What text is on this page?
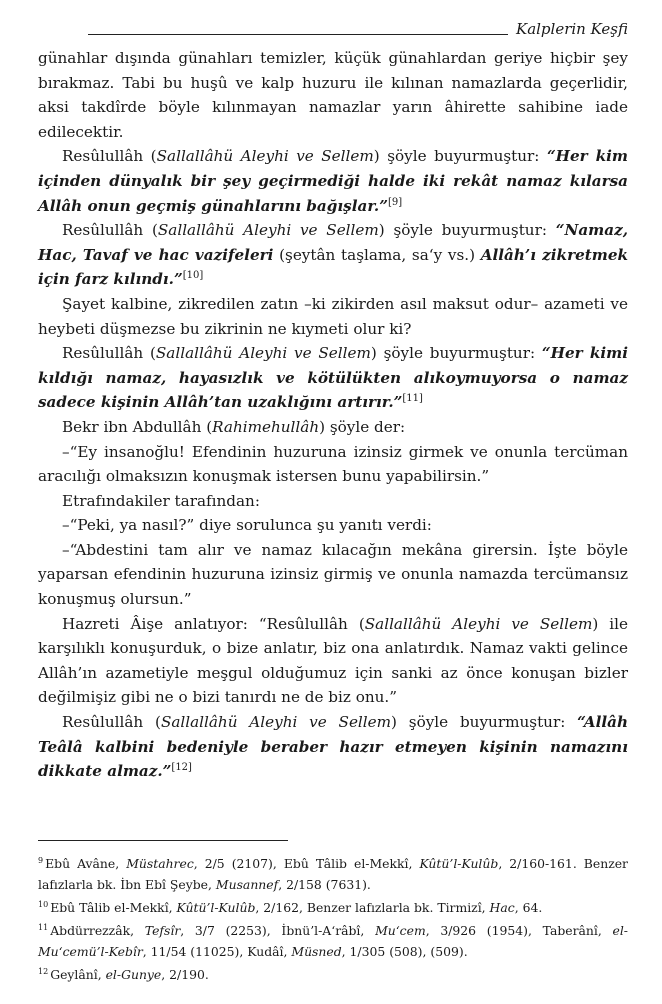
Kalplerin Keşfi

günahlar dışında günahları temizler, küçük günahlardan geriye hiçbir şey bırakmaz. Tabi bu huşû ve kalp huzuru ile kılınan namazlarda geçerlidir, aksi takdîrde böyle kılınmayan namazlar yarın âhirette sahibine iade edilecektir.

Resûlullâh (Sallallâhü Aleyhi ve Sellem) şöyle buyurmuştur: “Her kim içinden dünyalık bir şey geçirmediği halde iki rekât namaz kılarsa Allâh onun geçmiş günahlarını bağışlar.”[9]

Resûlullâh (Sallallâhü Aleyhi ve Sellem) şöyle buyurmuştur: “Namaz, Hac, Tavaf ve hac vazifeleri (şeytân taşlama, sa‘y vs.) Allâh’ı zikretmek için farz kılındı.”[10]

Şayet kalbine, zikredilen zatın –ki zikirden asıl maksut odur– azameti ve heybeti düşmezse bu zikrinin ne kıymeti olur ki?

Resûlullâh (Sallallâhü Aleyhi ve Sellem) şöyle buyurmuştur: “Her kimi kıldığı namaz, hayasızlık ve kötülükten alıkoymuyorsa o namaz sadece kişinin Allâh’tan uzaklığını artırır.”[11]

Bekr ibn Abdullâh (Rahimehullâh) şöyle der:

–“Ey insanoğlu! Efendinin huzuruna izinsiz girmek ve onunla tercüman aracılığı olmaksızın konuşmak istersen bunu yapabilirsin.”

Etrafındakiler tarafından:

–“Peki, ya nasıl?” diye sorulunca şu yanıtı verdi:

–“Abdestini tam alır ve namaz kılacağın mekâna girersin. İşte böyle yaparsan efendinin huzuruna izinsiz girmiş ve onunla namazda tercümansız konuşmuş olursun.”

Hazreti Âişe anlatıyor: “Resûlullâh (Sallallâhü Aleyhi ve Sellem) ile karşılıklı konuşurduk, o bize anlatır, biz ona anlatırdık. Namaz vakti gelince Allâh’ın azametiyle meşgul olduğumuz için sanki az önce konuşan bizler değilmişiz gibi ne o bizi tanırdı ne de biz onu.”

Resûlullâh (Sallallâhü Aleyhi ve Sellem) şöyle buyurmuştur: “Allâh Teâlâ kalbini bedeniyle beraber hazır etmeyen kişinin namazını dikkate almaz.”[12]

$^9$ Ebû Avâne, Müstahrec, 2/5 (2107), Ebû Tâlib el-Mekkî, Kûtü’l-Kulûb, 2/160-161. Benzer lafızlarla bk. İbn Ebî Şeybe, Musannef, 2/158 (7631).

$^{10}$ Ebû Tâlib el-Mekkî, Kûtü’l-Kulûb, 2/162, Benzer lafızlarla bk. Tirmizî, Hac, 64.

$^{11}$ Abdürrezzâk, Tefsîr, 3/7 (2253), İbnü’l-A‘râbî, Mu‘cem, 3/926 (1954), Taberânî, el-Mu‘cemü’l-Kebîr, 11/54 (11025), Kudâî, Müsned, 1/305 (508), (509).

$^{12}$ Geylânî, el-Gunye, 2/190.
